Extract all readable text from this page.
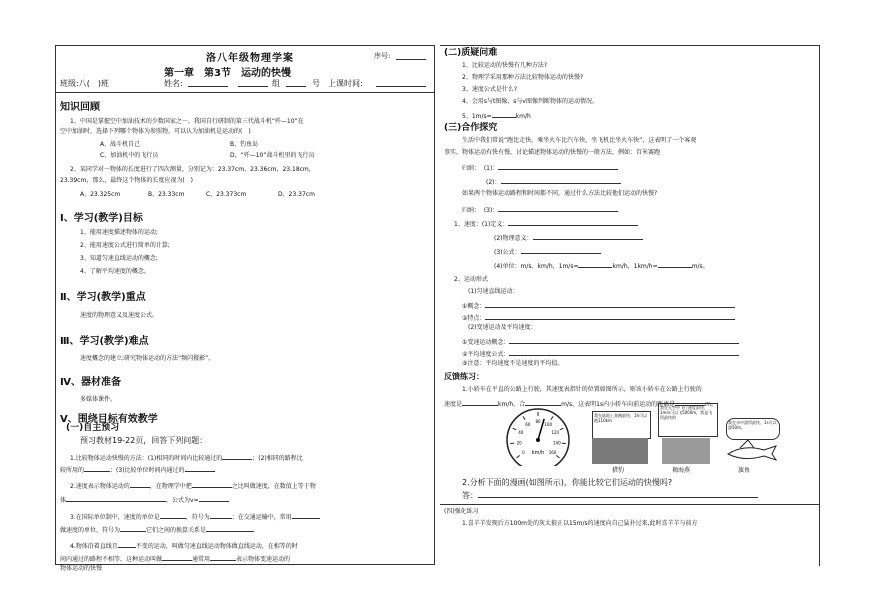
洛八年级物理学案	序号:
第一章　第3节　运动的快慢
班级:八(　)班	姓名:	组	号 上课时间:
知识回顾
1、中国是掌握空中加油技术的少数国家之一。我国自行研制的第三代战斗机“歼—10”在
空中加油时，选择下列哪个物体为参照物，可以认为加油机是运动的(　)
A、战斗机自己	B、钓鱼岛
C、加油机中的飞行员	D、“歼—10”战斗机里的飞行员
2、某同学对一物体的长度进行了四次测量，分别记为：23.37cm，23.36cm，23.18cm，
23.39cm，那么，最终这个物体的长度应视为(　)
A、23.325cm	B、23.33cm	C、23.373cm	D、23.37cm
Ⅰ、学习(教学)目标
1、能用速度描述物体的运动;
2、能用速度公式进行简单的计算;
3、知道匀速直线运动的概念;
4、了解平均速度的概念。
Ⅱ、学习(教学)重点
速度的物理意义及速度公式。
Ⅲ、学习(教学)难点
速度概念的建立;研究物体运动的方法“频闪摄影”。
Ⅳ、器材准备
多媒体课件。
Ⅴ、围绕目标有效教学
(一)自主预习
预习教材19-22页，回答下列问题：
1.比较物体运动快慢的方法：(1)相同的时间内比较通过的	；(2)相同的路程比
较所用的	；(3)比较单位时间内通过的
2.速度表示物体运动的	，在物理学中把	之比叫做速度，在数值上等于物
体	，公式为v=
3.在国际单位制中，速度的单位是	，符号为	；在交通运输中，常用
做速度的单位，符号为	它们之间的换算关系是
4.物体沿着直线且	不变的运动，叫做匀速直线运动物体做直线运动，在相等的时
间内通过的路程不相等，这种运动叫做	通常用	表示物体变速运动的
物体运动的快慢
(二)质疑问难
1、比较运动的快慢有几种方法?
2、物理学采用那种方法比较物体运动的快慢?
3、速度公式是什么?
4、会用s与t图像，s与v图像判断物体的运动情况。
5、1m/s=	km/h
(三)合作探究
生活中我们常说“跑比走快，乘坐火车比汽车快，坐飞机比坐火车快”，这表明了一个客观
事实，物体运动有快有慢，讨论描述物体运动的快慢的一般方法，例如：百米赛跑
归纳： (1)：
(2)：
如果两个物体运动路程和时间都不同，通过什么方法比较他们运动的快慢?
归纳： (3)：
1、速度：(1)定义：
(2)物理意义：
(3)公式：
(4)单位：m/s、km/h，1m/s=	km/h，1km/h=	m/s。
2、运动形式
(1)匀速直线运动：
①概念：
②特点：
(2)变速运动及平均速度：
①变速运动概念：
②平均速度公式：
③注意：平均速度不是速度的平均值。
反馈练习：
1.小轿车在平直的公路上行驶，其速度表指针的位置如图所示，则该小轿车在公路上行驶的
速度是	km/h，合	m/s，这表明1s内小轿车向前运动的距离是	m。
0
20
40
60
80
100
120
140
160
km/h
我在陆地上奔跑最快，1h可以跑110km
猎豹
我在天空中飞行速度最快，1min可以飞5000m，我是飞得最快的
褐海燕
我在水中游得最快，1s可以游50m。
旗鱼
2.分析下面的漫画(如图所示)，你能比较它们运动的快慢吗?
答：
(四)强化练习
1.喜羊羊发现后方100m处的灰太狼正以15m/s的速度向自己猛扑过来,此时喜羊羊与前方
